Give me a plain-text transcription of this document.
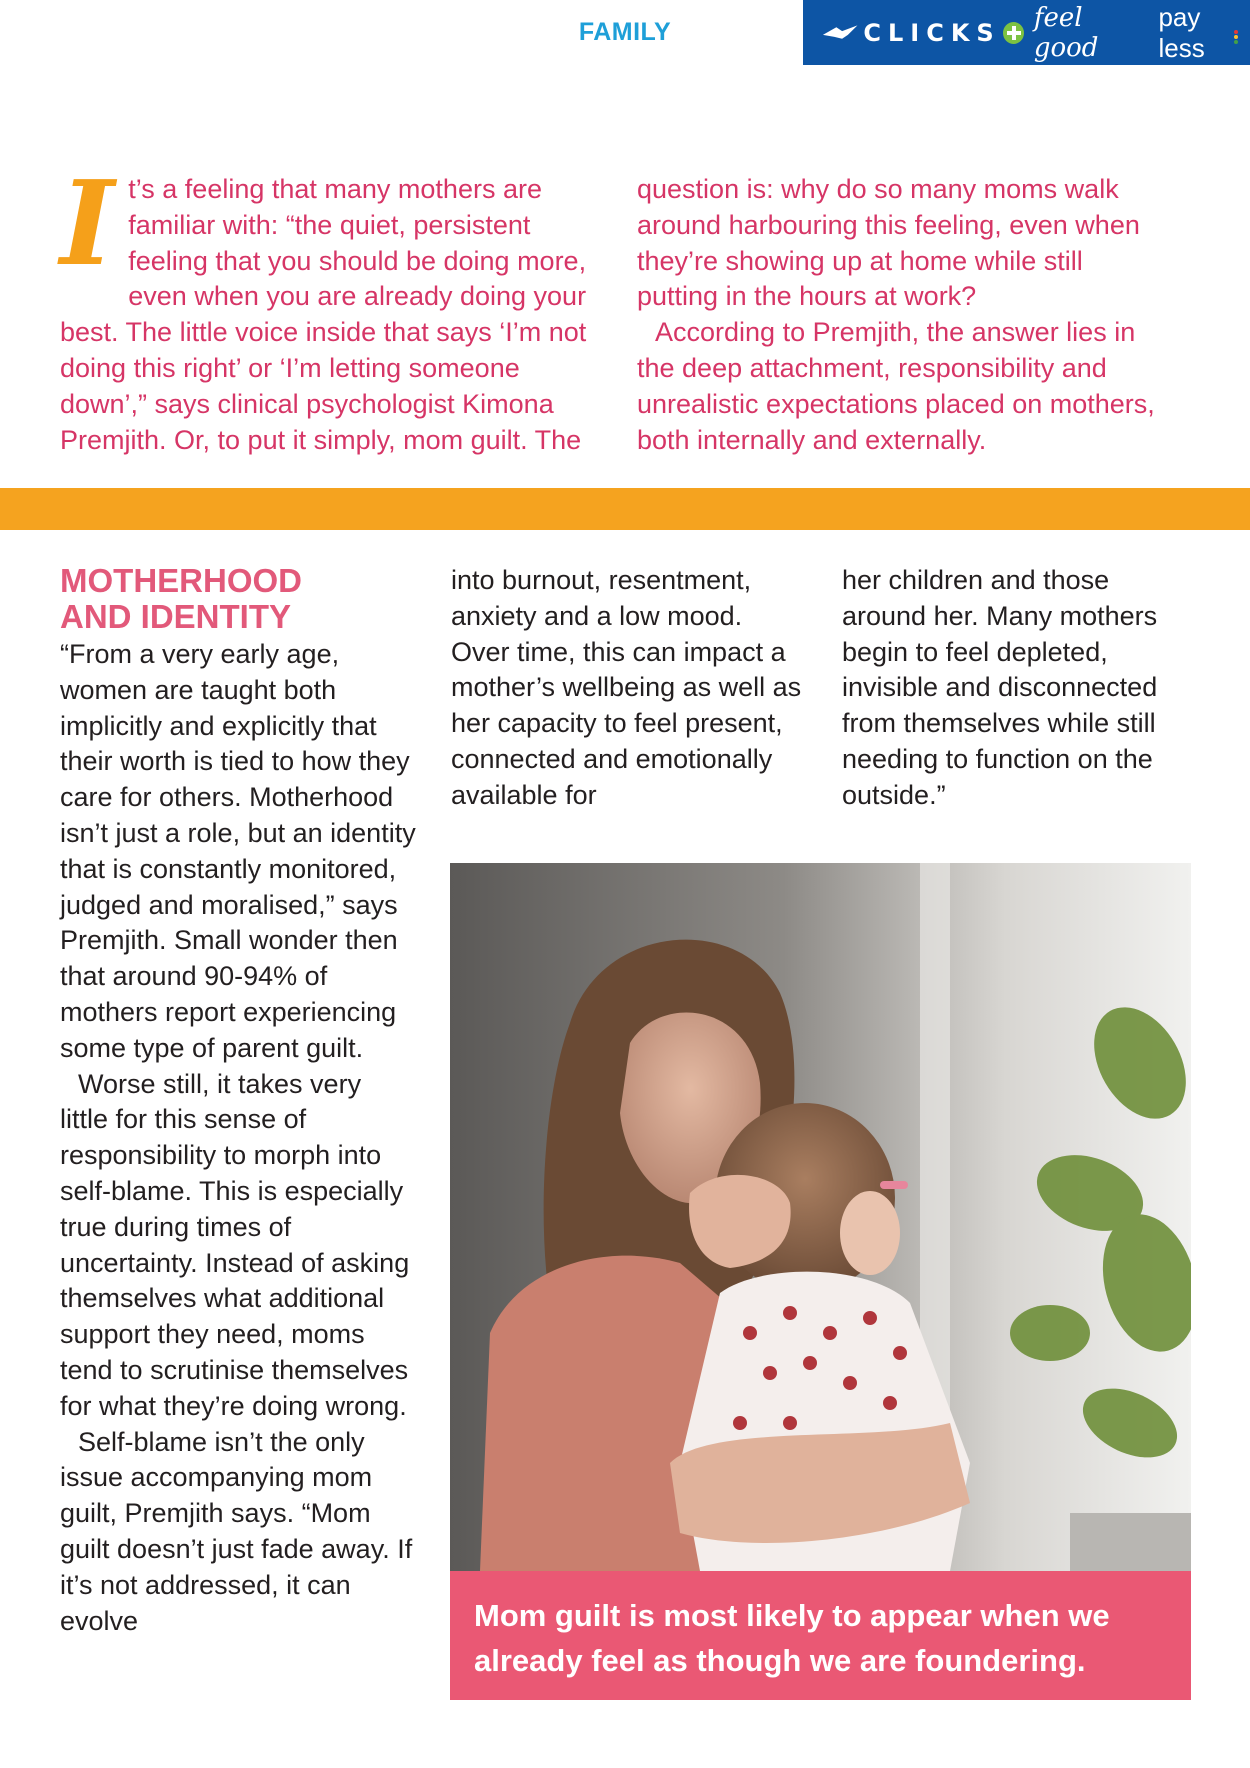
FAMILY	CLICKS feel good
pay less

It’s a feeling that many mothers are familiar with: “the quiet, persistent feeling that you should be doing more, even when you are already doing your best. The little voice inside that says ‘I’m not doing this right’ or ‘I’m letting someone down’,” says clinical psychologist Kimona Premjith. Or, to put it simply, mom guilt. The question is: why do so many moms walk around harbouring this feeling, even when they’re showing up at home while still putting in the hours at work?

According to Premjith, the answer lies in the deep attachment, responsibility and unrealistic expectations placed on mothers, both internally and externally.

MOTHERHOOD
AND IDENTITY

“From a very early age, women are taught both implicitly and explicitly that their worth is tied to how they care for others. Motherhood isn’t just a role, but an identity that is constantly monitored, judged and moralised,” says Premjith. Small wonder then that around 90-94% of mothers report experiencing some type of parent guilt.

Worse still, it takes very little for this sense of responsibility to morph into self-blame. This is especially true during times of uncertainty. Instead of asking themselves what additional support they need, moms tend to scrutinise themselves for what they’re doing wrong.

Self-blame isn’t the only issue accompanying mom guilt, Premjith says. “Mom guilt doesn’t just fade away. If it’s not addressed, it can evolve

into burnout, resentment, anxiety and a low mood. Over time, this can impact a mother’s wellbeing as well as her capacity to feel present, connected and emotionally available for

her children and those around her. Many mothers begin to feel depleted, invisible and disconnected from themselves while still needing to function on the outside.”

Mom guilt is most likely to appear when we already feel as though we are foundering.
